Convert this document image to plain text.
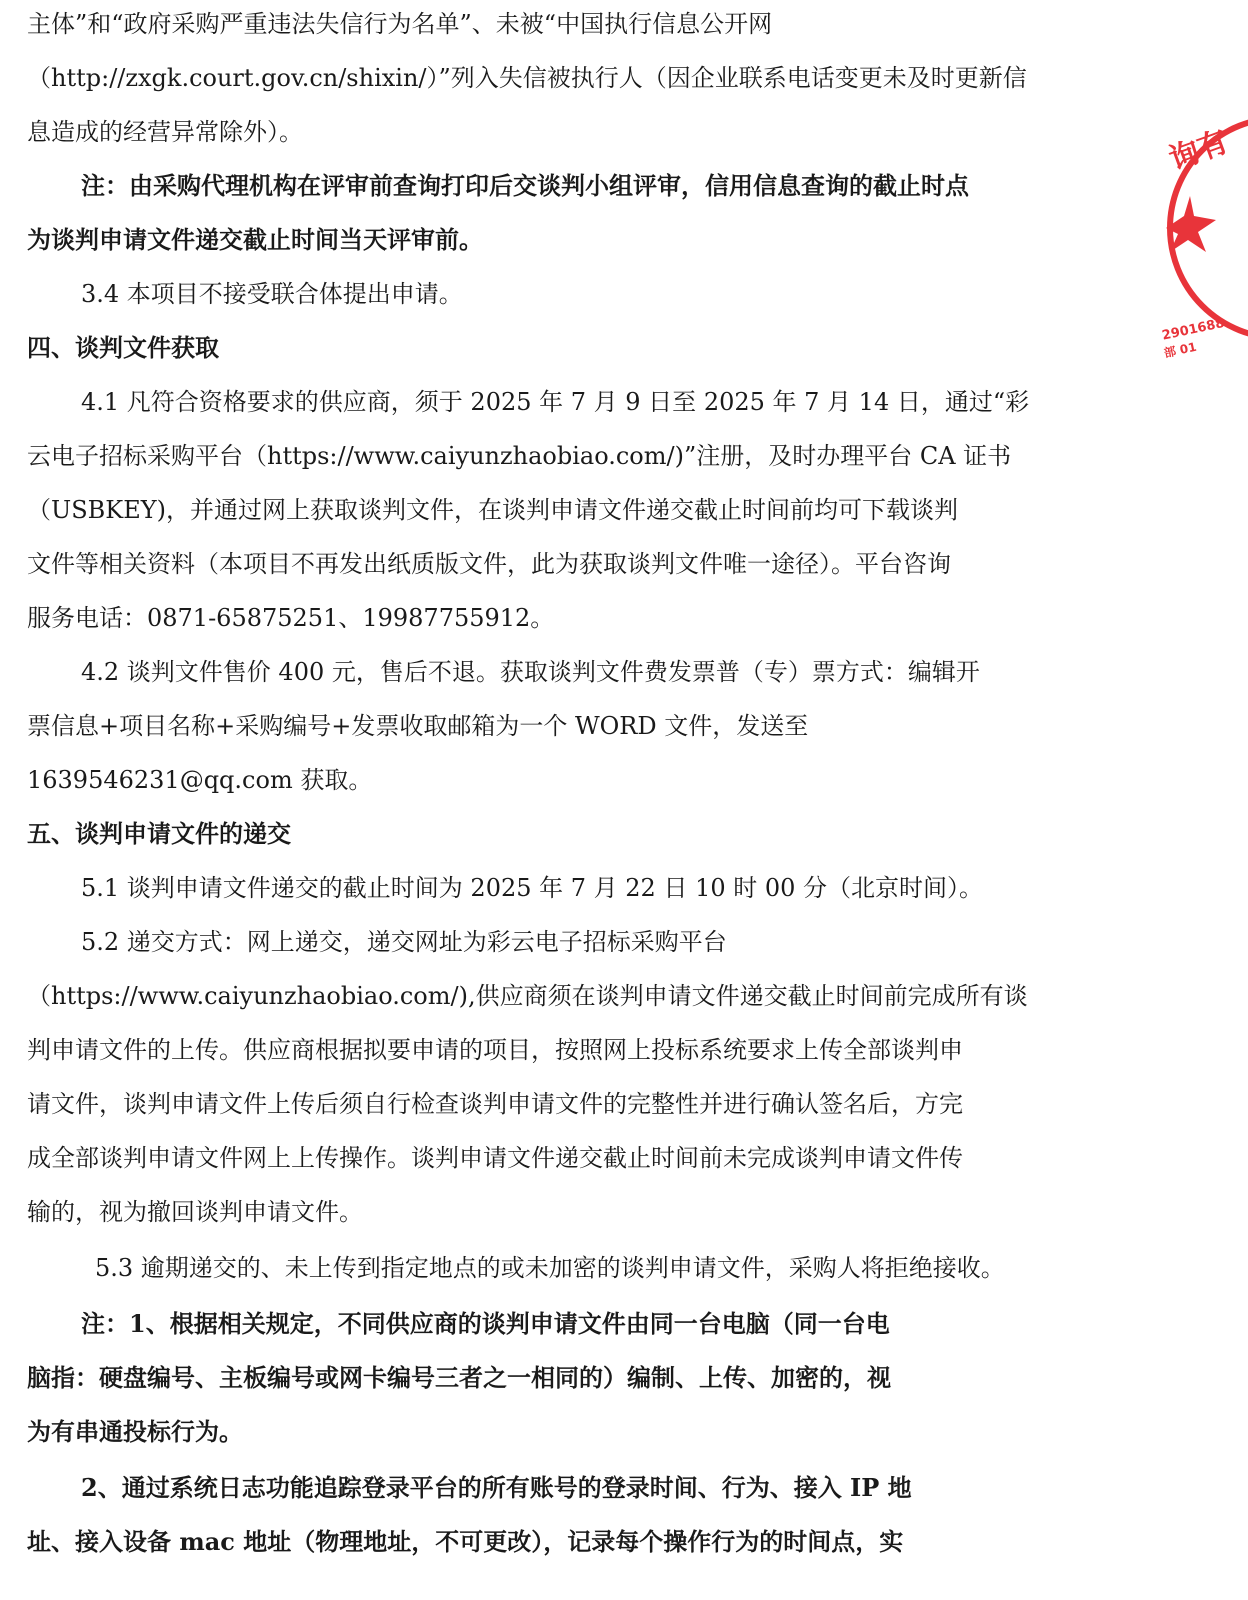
主体”和“政府采购严重违法失信行为名单”、未被“中国执行信息公开网
（http://zxgk.court.gov.cn/shixin/）”列入失信被执行人（因企业联系电话变更未及时更新信
息造成的经营异常除外）。
注：由采购代理机构在评审前查询打印后交谈判小组评审，信用信息查询的截止时点
为谈判申请文件递交截止时间当天评审前。
3.4 本项目不接受联合体提出申请。
四、谈判文件获取
4.1 凡符合资格要求的供应商，须于 2025 年 7 月 9 日至 2025 年 7 月 14 日，通过“彩
云电子招标采购平台（https://www.caiyunzhaobiao.com/)”注册，及时办理平台 CA 证书
（USBKEY)，并通过网上获取谈判文件，在谈判申请文件递交截止时间前均可下载谈判
文件等相关资料（本项目不再发出纸质版文件，此为获取谈判文件唯一途径）。平台咨询
服务电话：0871-65875251、19987755912。
4.2 谈判文件售价 400 元，售后不退。获取谈判文件费发票普（专）票方式：编辑开
票信息+项目名称+采购编号+发票收取邮箱为一个 WORD 文件，发送至
1639546231@qq.com 获取。
五、谈判申请文件的递交
5.1 谈判申请文件递交的截止时间为 2025 年 7 月 22 日 10 时 00 分（北京时间）。
5.2 递交方式：网上递交，递交网址为彩云电子招标采购平台
（https://www.caiyunzhaobiao.com/),供应商须在谈判申请文件递交截止时间前完成所有谈
判申请文件的上传。供应商根据拟要申请的项目，按照网上投标系统要求上传全部谈判申
请文件，谈判申请文件上传后须自行检查谈判申请文件的完整性并进行确认签名后，方完
成全部谈判申请文件网上上传操作。谈判申请文件递交截止时间前未完成谈判申请文件传
输的，视为撤回谈判申请文件。
5.3 逾期递交的、未上传到指定地点的或未加密的谈判申请文件，采购人将拒绝接收。
注：1、根据相关规定，不同供应商的谈判申请文件由同一台电脑（同一台电
脑指：硬盘编号、主板编号或网卡编号三者之一相同的）编制、上传、加密的，视
为有串通投标行为。
2、通过系统日志功能追踪登录平台的所有账号的登录时间、行为、接入 IP 地
址、接入设备 mac 地址（物理地址，不可更改），记录每个操作行为的时间点，实
询有
2901688
部 01
